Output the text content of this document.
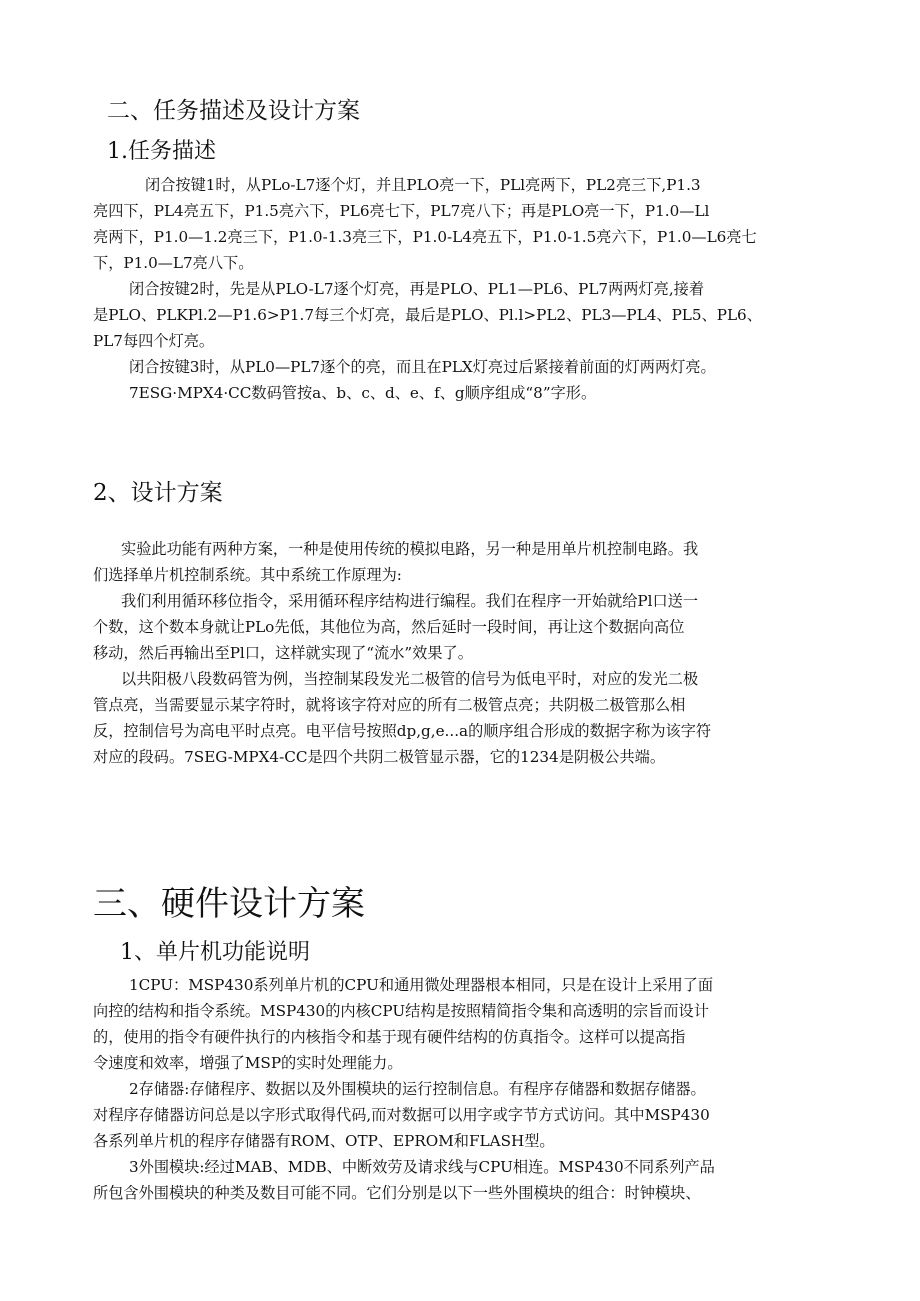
二、任务描述及设计方案
1.任务描述
闭合按键1时，从PLo-L7逐个灯，并且PLO亮一下，PLl亮两下，PL2亮三下,P1.3
亮四下，PL4亮五下，P1.5亮六下，PL6亮七下，PL7亮八下；再是PLO亮一下，P1.0—Ll
亮两下，P1.0—1.2亮三下，P1.0-1.3亮三下，P1.0-L4亮五下，P1.0-1.5亮六下，P1.0—L6亮七
下，P1.0—L7亮八下。
闭合按键2时，先是从PLO-L7逐个灯亮，再是PLO、PL1—PL6、PL7两两灯亮,接着
是PLO、PLKPl.2—P1.6>P1.7每三个灯亮，最后是PLO、Pl.l>PL2、PL3—PL4、PL5、PL6、
PL7每四个灯亮。
闭合按键3时，从PL0—PL7逐个的亮，而且在PLX灯亮过后紧接着前面的灯两两灯亮。
7ESG·MPX4·CC数码管按a、b、c、d、e、f、g顺序组成“8”字形。
2、设计方案
实验此功能有两种方案，一种是使用传统的模拟电路，另一种是用单片机控制电路。我
们选择单片机控制系统。其中系统工作原理为:
我们利用循环移位指令，采用循环程序结构进行编程。我们在程序一开始就给Pl口送一
个数，这个数本身就让PLo先低，其他位为高，然后延时一段时间，再让这个数据向高位
移动，然后再输出至Pl口，这样就实现了“流水”效果了。
以共阳极八段数码管为例，当控制某段发光二极管的信号为低电平时，对应的发光二极
管点亮，当需要显示某字符时，就将该字符对应的所有二极管点亮；共阴极二极管那么相
反，控制信号为高电平时点亮。电平信号按照dp,g,e...a的顺序组合形成的数据字称为该字符
对应的段码。7SEG-MPX4-CC是四个共阴二极管显示器，它的1234是阴极公共端。
三、硬件设计方案
1、单片机功能说明
1CPU：MSP430系列单片机的CPU和通用微处理器根本相同，只是在设计上采用了面
向控的结构和指令系统。MSP430的内核CPU结构是按照精简指令集和高透明的宗旨而设计
的，使用的指令有硬件执行的内核指令和基于现有硬件结构的仿真指令。这样可以提高指
令速度和效率，增强了MSP的实时处理能力。
2存储器:存储程序、数据以及外围模块的运行控制信息。有程序存储器和数据存储器。
对程序存储器访问总是以字形式取得代码,而对数据可以用字或字节方式访问。其中MSP430
各系列单片机的程序存储器有ROM、OTP、EPROM和FLASH型。
3外围模块:经过MAB、MDB、中断效劳及请求线与CPU相连。MSP430不同系列产品
所包含外围模块的种类及数目可能不同。它们分别是以下一些外围模块的组合：时钟模块、
